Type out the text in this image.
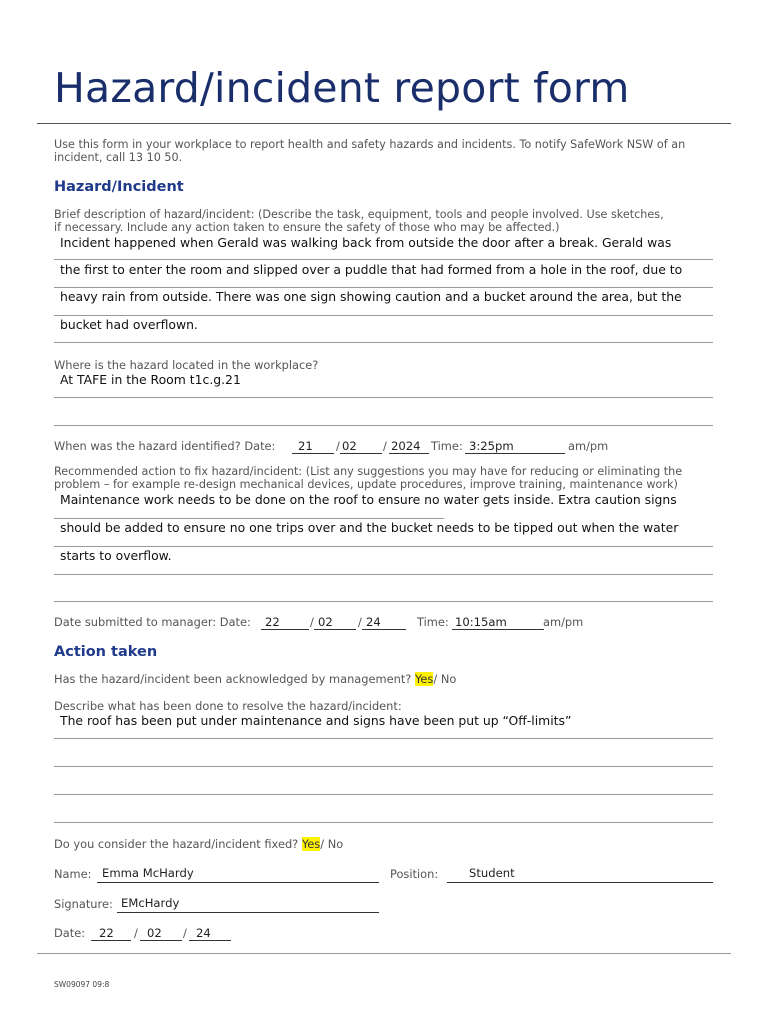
Hazard/incident report form
Use this form in your workplace to report health and safety hazards and incidents. To notify SafeWork NSW of an incident, call 13 10 50.
Hazard/Incident
Brief description of hazard/incident: (Describe the task, equipment, tools and people involved. Use sketches,
if necessary. Include any action taken to ensure the safety of those who may be affected.)
Incident happened when Gerald was walking back from outside the door after a break. Gerald was
the first to enter the room and slipped over a puddle that had formed from a hole in the roof, due to
heavy rain from outside. There was one sign showing caution and a bucket around the area, but the
bucket had overflown.
Where is the hazard located in the workplace?
At TAFE in the Room t1c.g.21
When was the hazard identified? Date: 21 / 02 / 2024 Time: 3:25pm	am/pm
Recommended action to fix hazard/incident: (List any suggestions you may have for reducing or eliminating the
problem – for example re-design mechanical devices, update procedures, improve training, maintenance work)
Maintenance work needs to be done on the roof to ensure no water gets inside. Extra caution signs
should be added to ensure no one trips over and the bucket needs to be tipped out when the water
starts to overflow.
Date submitted to manager: Date: 22	/ 02 / 24	Time: 10:15am	am/pm
Action taken
Has the hazard/incident been acknowledged by management? Yes/ No
Describe what has been done to resolve the hazard/incident:
The roof has been put under maintenance and signs have been put up “Off-limits”
Do you consider the hazard/incident fixed? Yes/ No
Name: Emma McHardy	Position:	Student
Signature: EMcHardy
Date: 22 / 02 / 24
SW09097 09:8
